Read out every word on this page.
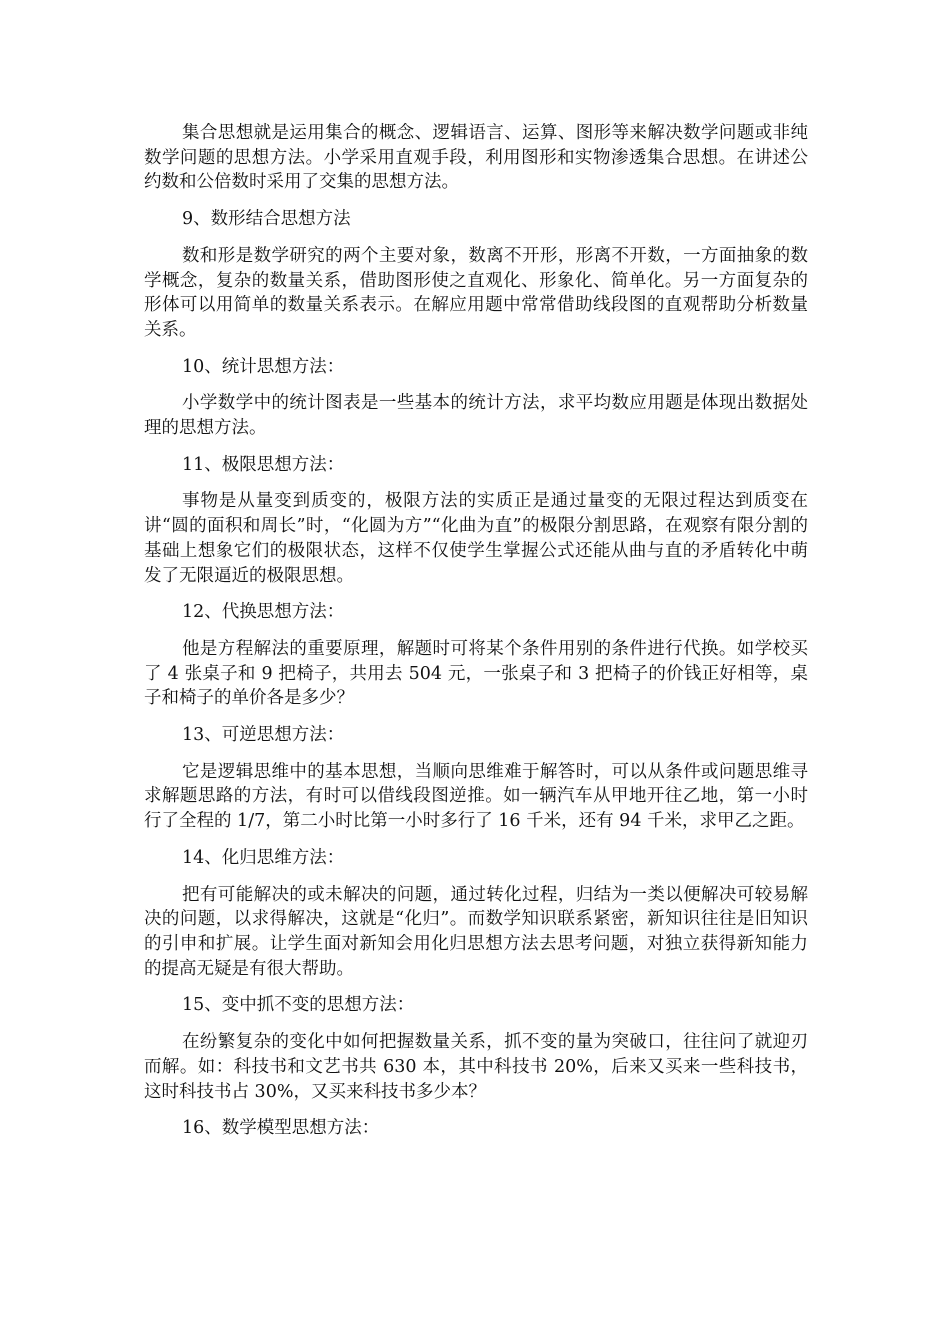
集合思想就是运用集合的概念、逻辑语言、运算、图形等来解决数学问题或非纯数学问题的思想方法。小学采用直观手段，利用图形和实物渗透集合思想。在讲述公约数和公倍数时采用了交集的思想方法。

9、数形结合思想方法

数和形是数学研究的两个主要对象，数离不开形，形离不开数，一方面抽象的数学概念，复杂的数量关系，借助图形使之直观化、形象化、简单化。另一方面复杂的形体可以用简单的数量关系表示。在解应用题中常常借助线段图的直观帮助分析数量关系。

10、统计思想方法：

小学数学中的统计图表是一些基本的统计方法，求平均数应用题是体现出数据处理的思想方法。

11、极限思想方法：

事物是从量变到质变的，极限方法的实质正是通过量变的无限过程达到质变在讲“圆的面积和周长”时，“化圆为方”“化曲为直”的极限分割思路，在观察有限分割的基础上想象它们的极限状态，这样不仅使学生掌握公式还能从曲与直的矛盾转化中萌发了无限逼近的极限思想。

12、代换思想方法：

他是方程解法的重要原理，解题时可将某个条件用别的条件进行代换。如学校买了 4 张桌子和 9 把椅子，共用去 504 元，一张桌子和 3 把椅子的价钱正好相等，桌子和椅子的单价各是多少？

13、可逆思想方法：

它是逻辑思维中的基本思想，当顺向思维难于解答时，可以从条件或问题思维寻求解题思路的方法，有时可以借线段图逆推。如一辆汽车从甲地开往乙地，第一小时行了全程的 1/7，第二小时比第一小时多行了 16 千米，还有 94 千米，求甲乙之距。

14、化归思维方法：

把有可能解决的或未解决的问题，通过转化过程，归结为一类以便解决可较易解决的问题，以求得解决，这就是“化归”。而数学知识联系紧密，新知识往往是旧知识的引申和扩展。让学生面对新知会用化归思想方法去思考问题，对独立获得新知能力的提高无疑是有很大帮助。

15、变中抓不变的思想方法：

在纷繁复杂的变化中如何把握数量关系，抓不变的量为突破口，往往问了就迎刃而解。如：科技书和文艺书共 630 本，其中科技书 20%，后来又买来一些科技书，这时科技书占 30%，又买来科技书多少本？

16、数学模型思想方法：
